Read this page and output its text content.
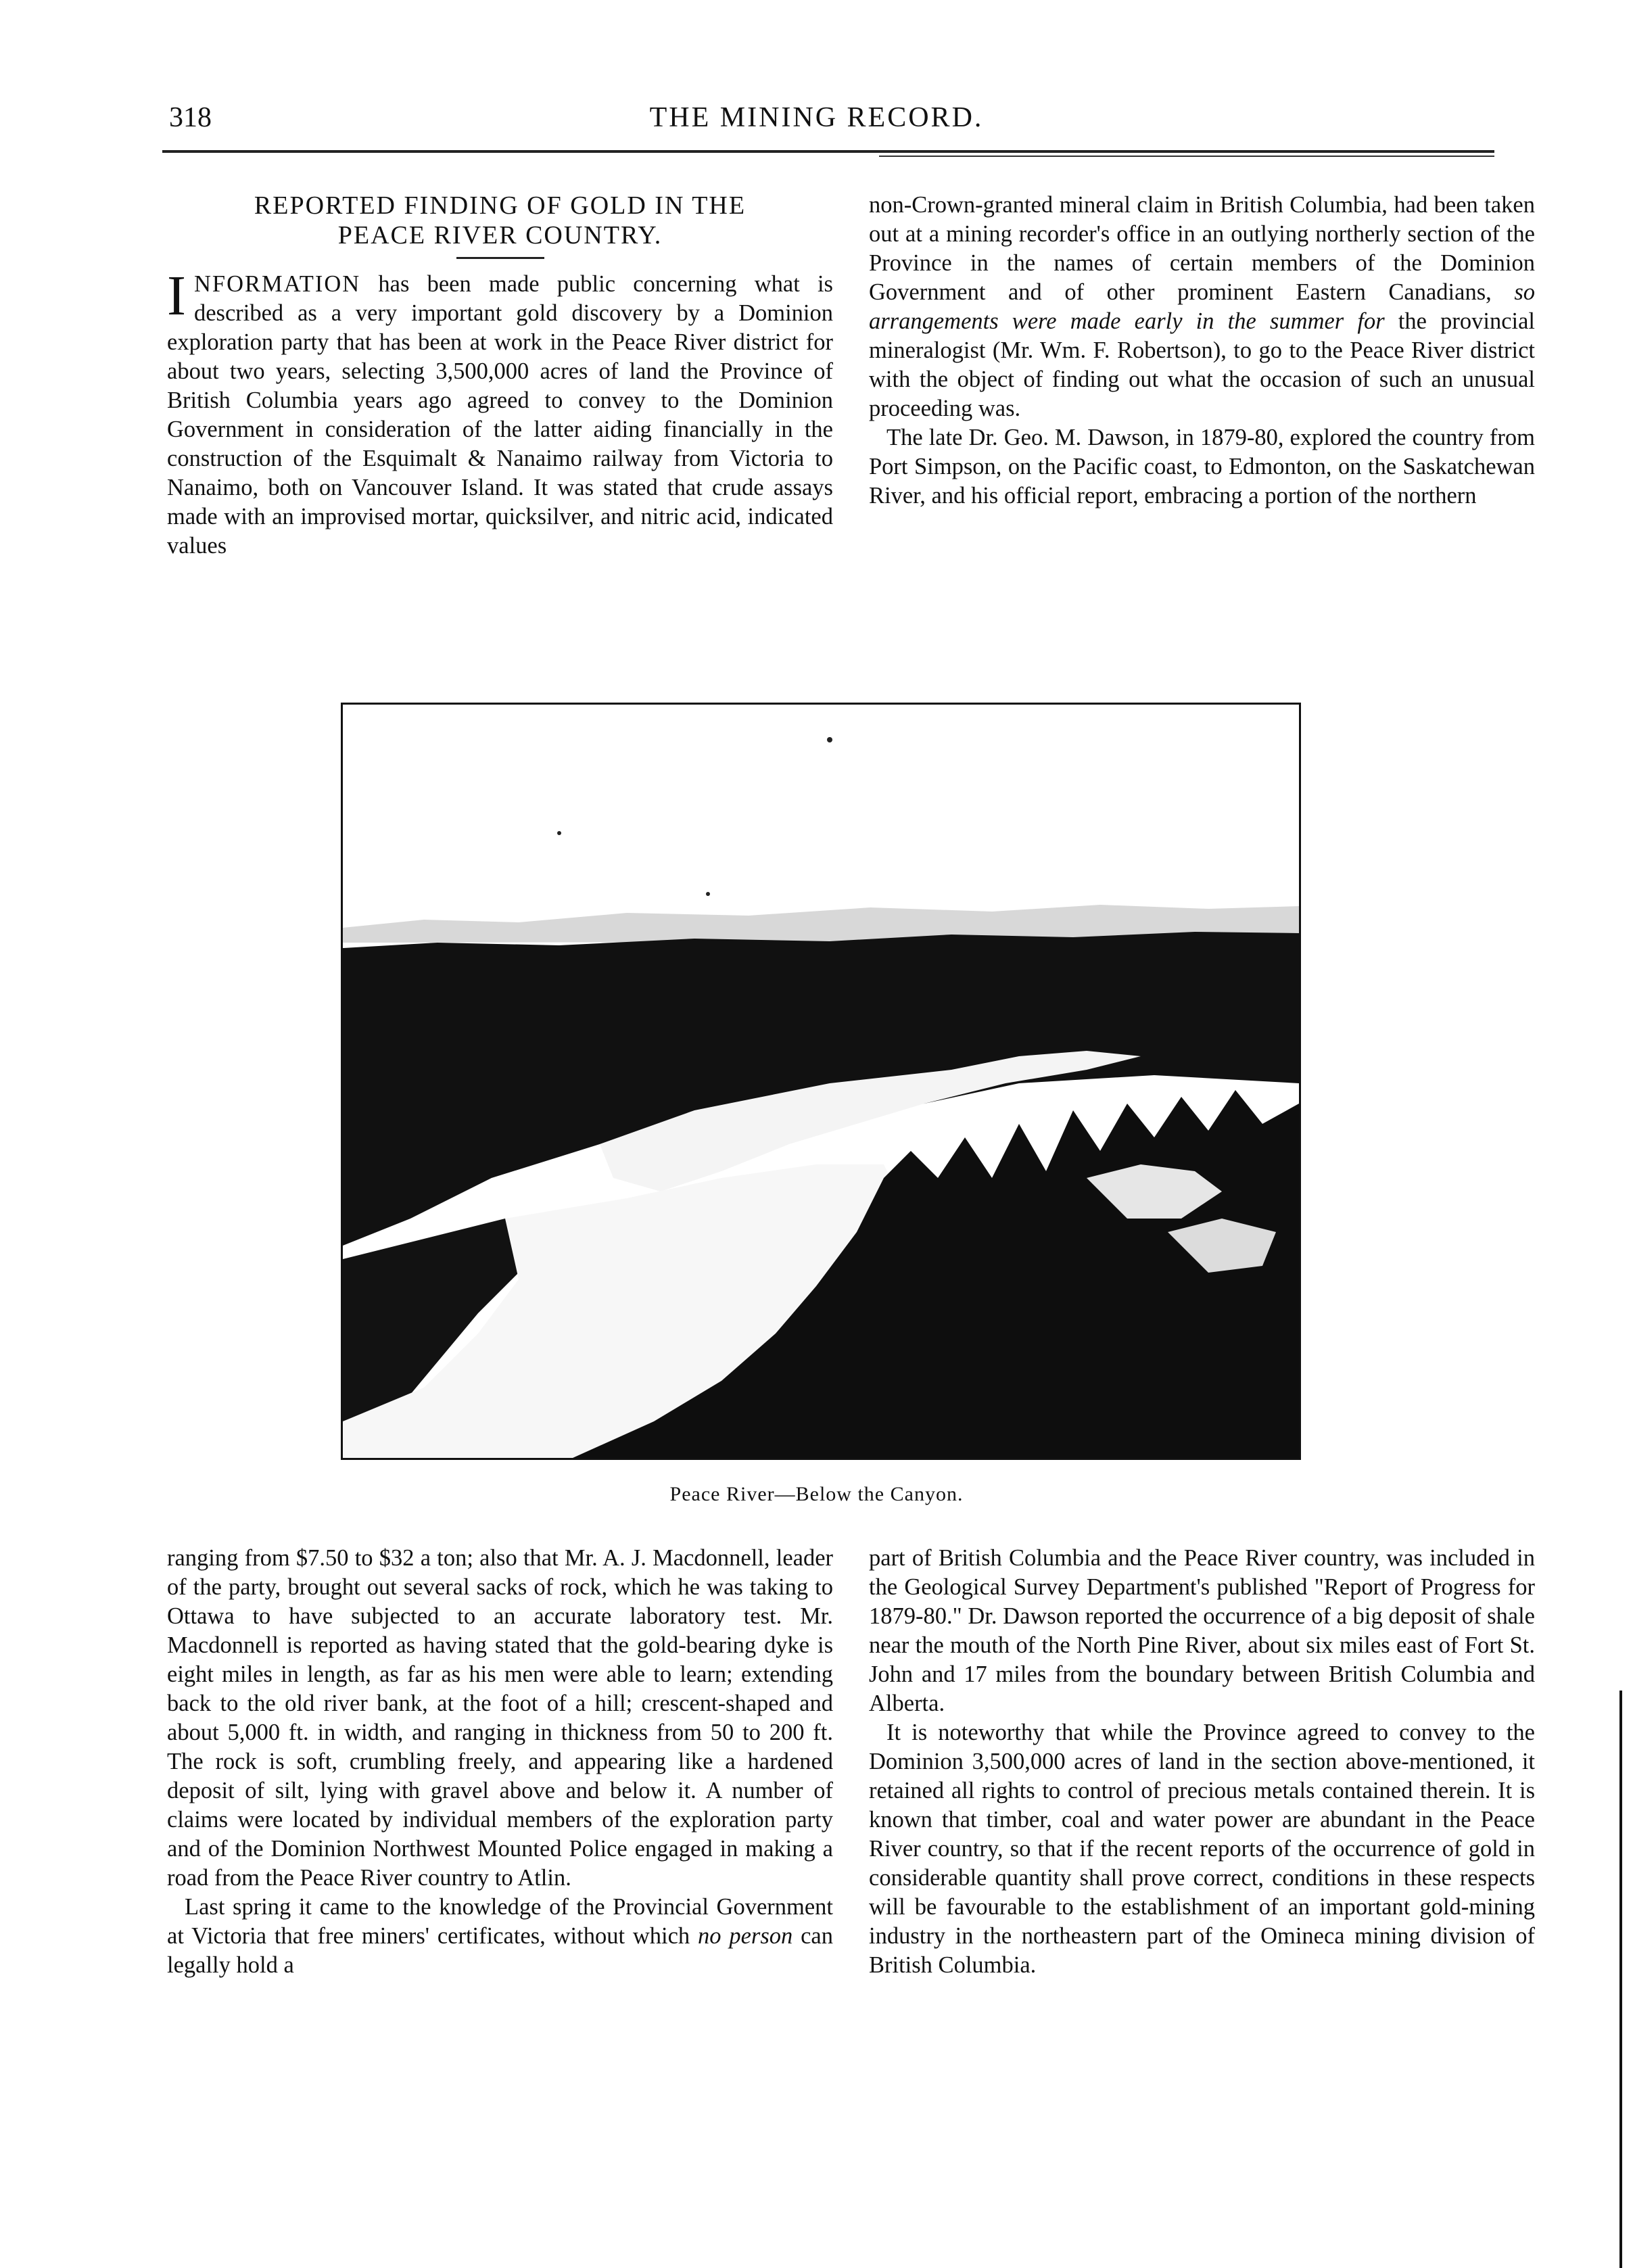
318	THE MINING RECORD.
REPORTED FINDING OF GOLD IN THE
PEACE RIVER COUNTRY.

INFORMATION has been made public concerning what is described as a very important gold discovery by a Dominion exploration party that has been at work in the Peace River district for about two years, selecting 3,500,000 acres of land the Province of British Columbia years ago agreed to convey to the Dominion Government in consideration of the latter aiding financially in the construction of the Esquimalt & Nanaimo railway from Victoria to Nanaimo, both on Vancouver Island. It was stated that crude assays made with an improvised mortar, quicksilver, and nitric acid, indicated values

non-Crown-granted mineral claim in British Columbia, had been taken out at a mining recorder's office in an outlying northerly section of the Province in the names of certain members of the Dominion Government and of other prominent Eastern Canadians, so arrangements were made early in the summer for the provincial mineralogist (Mr. Wm. F. Robertson), to go to the Peace River district with the object of finding out what the occasion of such an unusual proceeding was.

The late Dr. Geo. M. Dawson, in 1879-80, explored the country from Port Simpson, on the Pacific coast, to Edmonton, on the Saskatchewan River, and his official report, embracing a portion of the northern

Peace River—Below the Canyon.

ranging from $7.50 to $32 a ton; also that Mr. A. J. Macdonnell, leader of the party, brought out several sacks of rock, which he was taking to Ottawa to have subjected to an accurate laboratory test. Mr. Macdonnell is reported as having stated that the gold-bearing dyke is eight miles in length, as far as his men were able to learn; extending back to the old river bank, at the foot of a hill; crescent-shaped and about 5,000 ft. in width, and ranging in thickness from 50 to 200 ft. The rock is soft, crumbling freely, and appearing like a hardened deposit of silt, lying with gravel above and below it. A number of claims were located by individual members of the exploration party and of the Dominion Northwest Mounted Police engaged in making a road from the Peace River country to Atlin.

Last spring it came to the knowledge of the Provincial Government at Victoria that free miners' certificates, without which no person can legally hold a

part of British Columbia and the Peace River country, was included in the Geological Survey Department's published "Report of Progress for 1879-80." Dr. Dawson reported the occurrence of a big deposit of shale near the mouth of the North Pine River, about six miles east of Fort St. John and 17 miles from the boundary between British Columbia and Alberta.

It is noteworthy that while the Province agreed to convey to the Dominion 3,500,000 acres of land in the section above-mentioned, it retained all rights to control of precious metals contained therein. It is known that timber, coal and water power are abundant in the Peace River country, so that if the recent reports of the occurrence of gold in considerable quantity shall prove correct, conditions in these respects will be favourable to the establishment of an important gold-mining industry in the northeastern part of the Omineca mining division of British Columbia.
